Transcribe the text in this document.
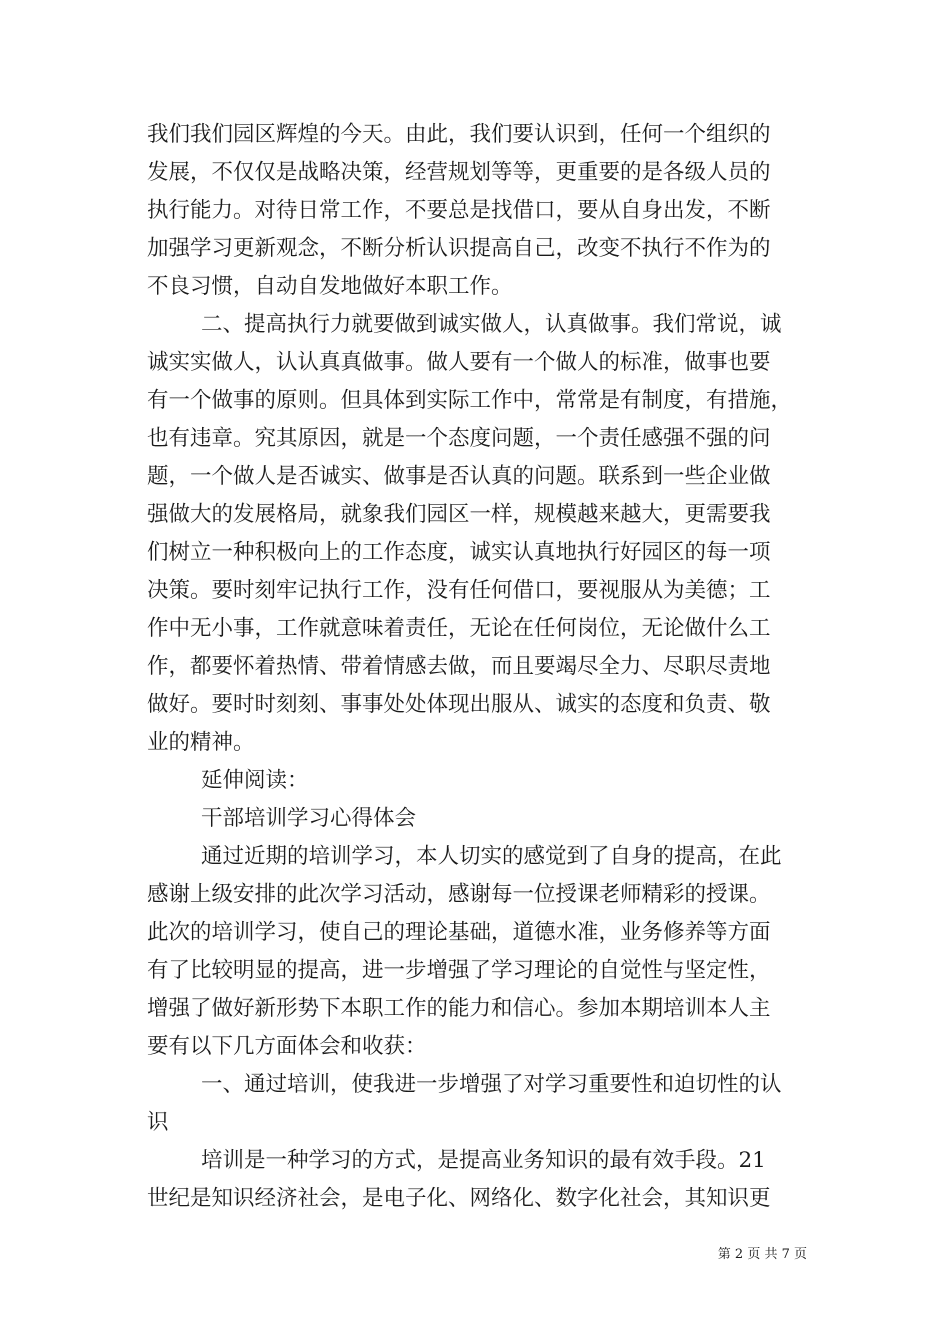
我们我们园区辉煌的今天。由此，我们要认识到，任何一个组织的
发展，不仅仅是战略决策，经营规划等等，更重要的是各级人员的
执行能力。对待日常工作，不要总是找借口，要从自身出发，不断
加强学习更新观念，不断分析认识提高自己，改变不执行不作为的
不良习惯，自动自发地做好本职工作。
二、提高执行力就要做到诚实做人，认真做事。我们常说，诚
诚实实做人，认认真真做事。做人要有一个做人的标准，做事也要
有一个做事的原则。但具体到实际工作中，常常是有制度，有措施，
也有违章。究其原因，就是一个态度问题，一个责任感强不强的问
题，一个做人是否诚实、做事是否认真的问题。联系到一些企业做
强做大的发展格局，就象我们园区一样，规模越来越大，更需要我
们树立一种积极向上的工作态度，诚实认真地执行好园区的每一项
决策。要时刻牢记执行工作，没有任何借口，要视服从为美德；工
作中无小事，工作就意味着责任，无论在任何岗位，无论做什么工
作，都要怀着热情、带着情感去做，而且要竭尽全力、尽职尽责地
做好。要时时刻刻、事事处处体现出服从、诚实的态度和负责、敬
业的精神。
延伸阅读：
干部培训学习心得体会
通过近期的培训学习，本人切实的感觉到了自身的提高，在此
感谢上级安排的此次学习活动，感谢每一位授课老师精彩的授课。
此次的培训学习，使自己的理论基础，道德水准，业务修养等方面
有了比较明显的提高，进一步增强了学习理论的自觉性与坚定性，
增强了做好新形势下本职工作的能力和信心。参加本期培训本人主
要有以下几方面体会和收获：
一、通过培训，使我进一步增强了对学习重要性和迫切性的认
识
培训是一种学习的方式，是提高业务知识的最有效手段。21
世纪是知识经济社会，是电子化、网络化、数字化社会，其知识更
第 2 页 共 7 页
